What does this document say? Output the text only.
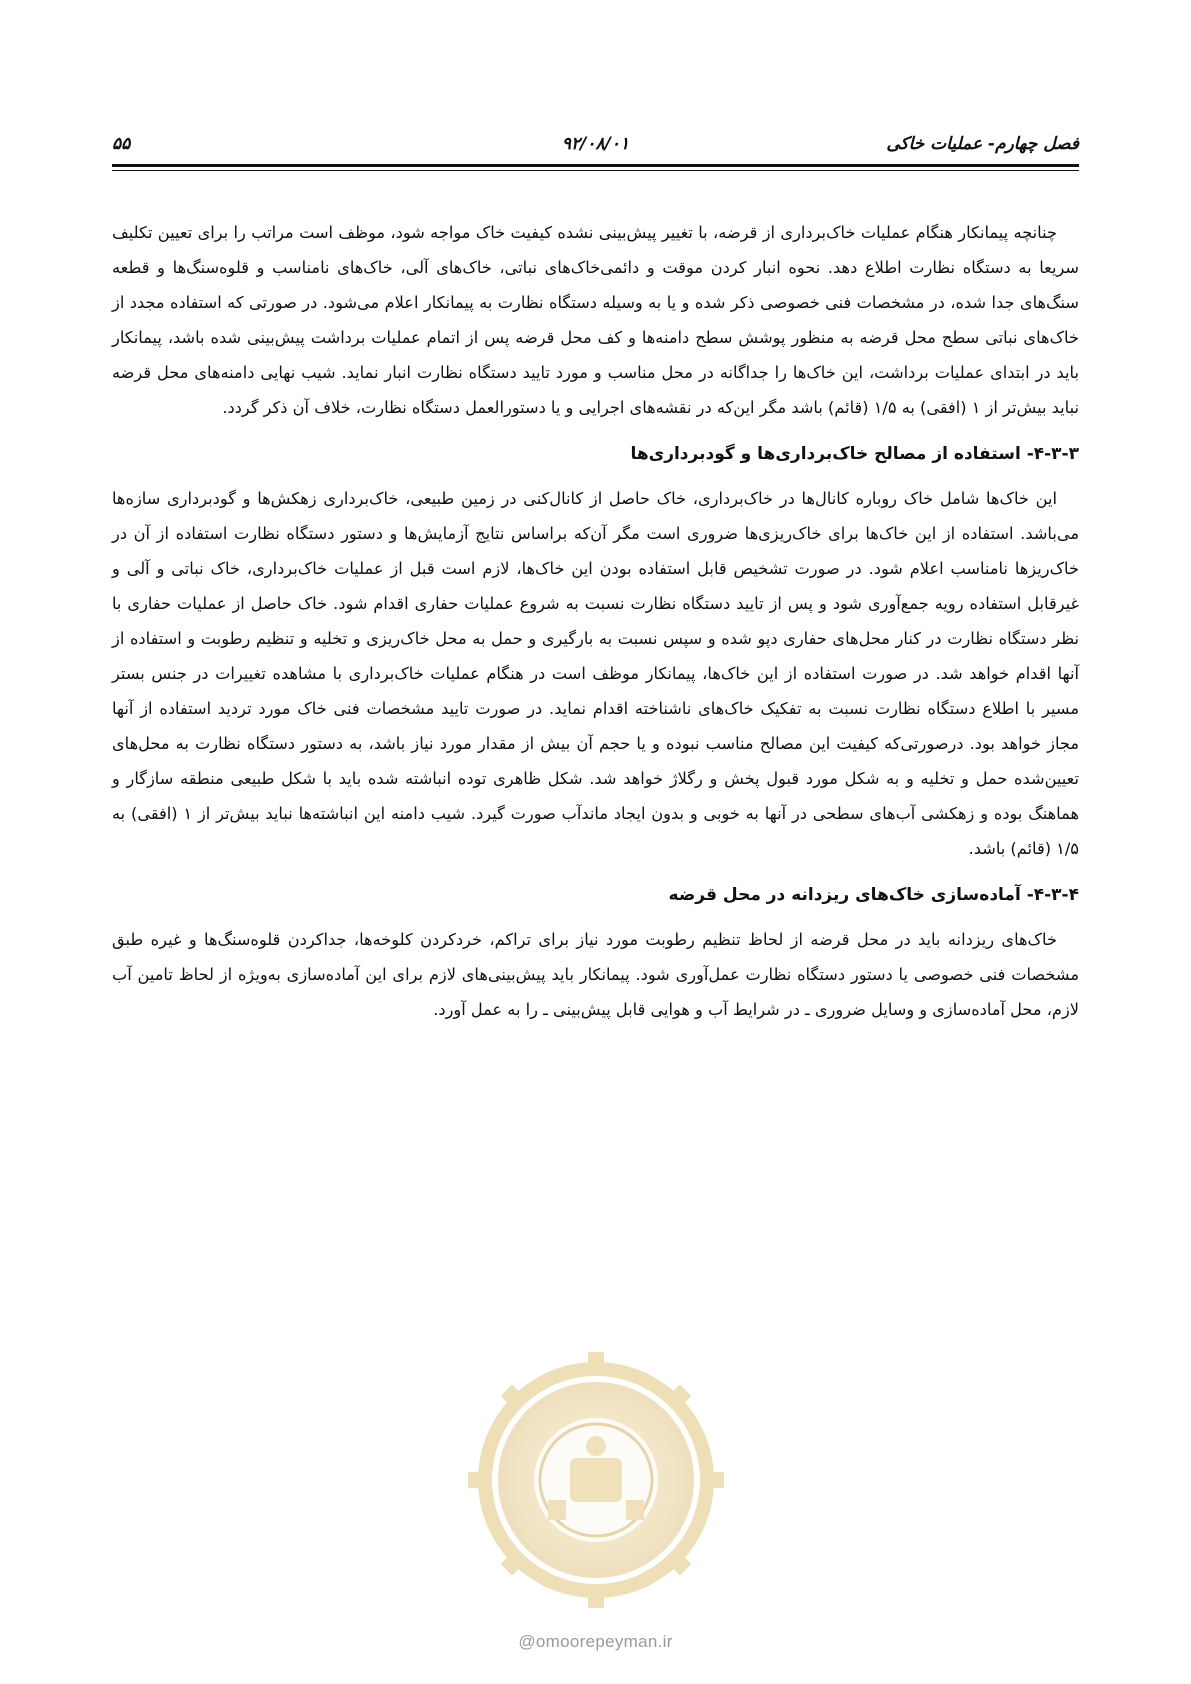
فصل چهارم- عملیات خاکی
۹۲/۰۸/۰۱
۵۵

چنانچه پیمانکار هنگام عملیات خاک‌برداری از قرضه، با تغییر پیش‌بینی نشده کیفیت خاک مواجه شود، موظف است مراتب را برای تعیین تکلیف سریعا به دستگاه نظارت اطلاع دهد. نحوه انبار کردن موقت و دائمی‌خاک‌های نباتی، خاک‌های آلی، خاک‌های نامناسب و قلوه‌سنگ‌ها و قطعه سنگ‌های جدا شده، در مشخصات فنی خصوصی ذکر شده و یا به وسیله دستگاه نظارت به پیمانکار اعلام می‌شود. در صورتی که استفاده مجدد از خاک‌های نباتی سطح محل قرضه به منظور پوشش سطح دامنه‌ها و کف محل قرضه پس از اتمام عملیات برداشت پیش‌بینی شده باشد، پیمانکار باید در ابتدای عملیات برداشت، این خاک‌ها را جداگانه در محل مناسب و مورد تایید دستگاه نظارت انبار نماید. شیب نهایی دامنه‌های محل قرضه نباید بیش‌تر از ۱ (افقی) به ۱/۵ (قائم) باشد مگر این‌که در نقشه‌های اجرایی و یا دستورالعمل دستگاه نظارت، خلاف آن ذکر گردد.

۴-۳-۳- استفاده از مصالح خاک‌برداری‌ها و گودبرداری‌ها

این خاک‌ها شامل خاک روباره کانال‌ها در خاک‌برداری، خاک حاصل از کانال‌کنی در زمین طبیعی، خاک‌برداری زهکش‌ها و گودبرداری سازه‌ها می‌باشد. استفاده از این خاک‌ها برای خاک‌ریزی‌ها ضروری است مگر آن‌که براساس نتایج آزمایش‌ها و دستور دستگاه نظارت استفاده از آن در خاک‌ریزها نامناسب اعلام شود. در صورت تشخیص قابل استفاده بودن این خاک‌ها، لازم است قبل از عملیات خاک‌برداری، خاک نباتی و آلی و غیرقابل استفاده رویه جمع‌آوری شود و پس از تایید دستگاه نظارت نسبت به شروع عملیات حفاری اقدام شود. خاک حاصل از عملیات حفاری با نظر دستگاه نظارت در کنار محل‌های حفاری دپو شده و سپس نسبت به بارگیری و حمل به محل خاک‌ریزی و تخلیه و تنظیم رطوبت و استفاده از آنها اقدام خواهد شد. در صورت استفاده از این خاک‌ها، پیمانکار موظف است در هنگام عملیات خاک‌برداری با مشاهده تغییرات در جنس بستر مسیر با اطلاع دستگاه نظارت نسبت به تفکیک خاک‌های ناشناخته اقدام نماید. در صورت تایید مشخصات فنی خاک مورد تردید استفاده از آنها مجاز خواهد بود. درصورتی‌که کیفیت این مصالح مناسب نبوده و یا حجم آن بیش از مقدار مورد نیاز باشد، به دستور دستگاه نظارت به محل‌های تعیین‌شده حمل و تخلیه و به شکل مورد قبول پخش و رگلاژ خواهد شد. شکل ظاهری توده انباشته شده باید با شکل طبیعی منطقه سازگار و هماهنگ بوده و زهکشی آب‌های سطحی در آنها به خوبی و بدون ایجاد ماندآب صورت گیرد. شیب دامنه این انباشته‌ها نباید بیش‌تر از ۱ (افقی) به ۱/۵ (قائم) باشد.

۴-۳-۴- آماده‌سازی خاک‌های ریزدانه در محل قرضه

خاک‌های ریزدانه باید در محل قرضه از لحاظ تنظیم رطوبت مورد نیاز برای تراکم، خردکردن کلوخه‌ها، جداکردن قلوه‌سنگ‌ها و غیره طبق مشخصات فنی خصوصی یا دستور دستگاه نظارت عمل‌آوری شود. پیمانکار باید پیش‌بینی‌های لازم برای این آماده‌سازی به‌ویژه از لحاظ تامین آب لازم، محل آماده‌سازی و وسایل ضروری ـ در شرایط آب و هوایی قابل پیش‌بینی ـ را به عمل آورد.

@omoorepeyman.ir
